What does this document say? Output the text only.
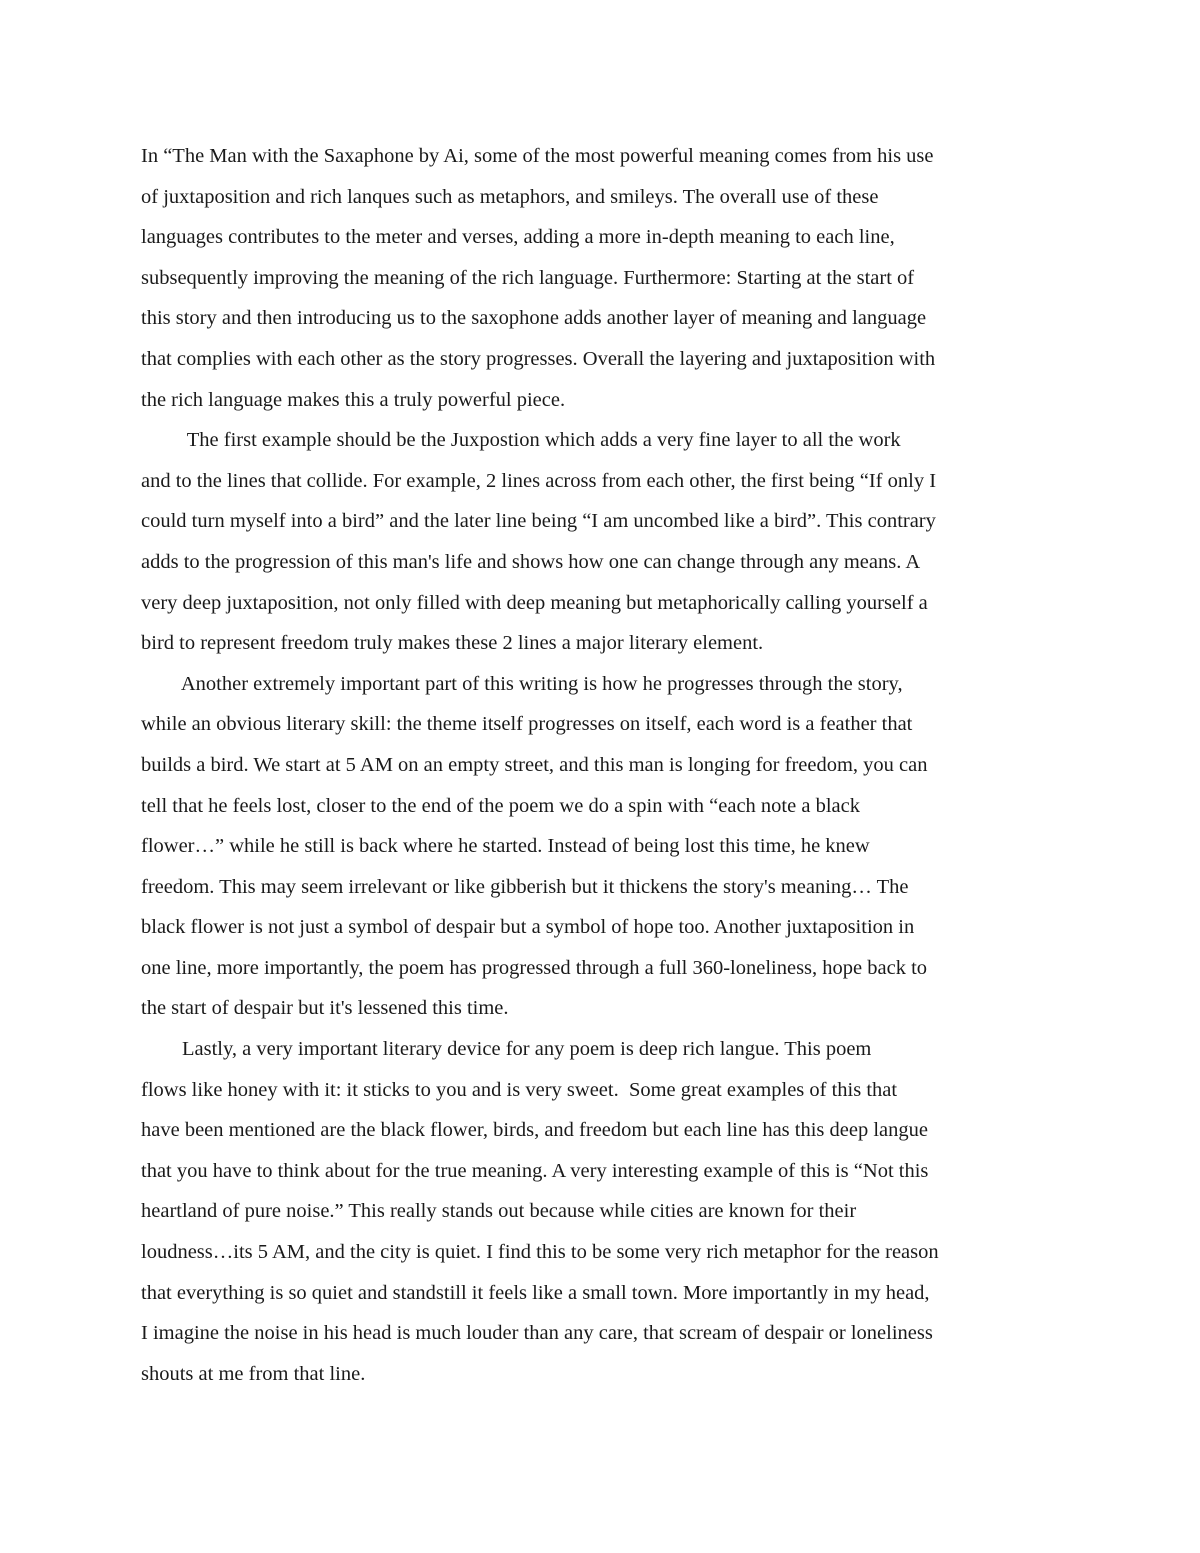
In “The Man with the Saxaphone by Ai, some of the most powerful meaning comes from his use
of juxtaposition and rich lanques such as metaphors, and smileys. The overall use of these
languages contributes to the meter and verses, adding a more in-depth meaning to each line,
subsequently improving the meaning of the rich language. Furthermore: Starting at the start of
this story and then introducing us to the saxophone adds another layer of meaning and language
that complies with each other as the story progresses. Overall the layering and juxtaposition with
the rich language makes this a truly powerful piece.
The first example should be the Juxpostion which adds a very fine layer to all the work
and to the lines that collide. For example, 2 lines across from each other, the first being “If only I
could turn myself into a bird” and the later line being “I am uncombed like a bird”. This contrary
adds to the progression of this man's life and shows how one can change through any means. A
very deep juxtaposition, not only filled with deep meaning but metaphorically calling yourself a
bird to represent freedom truly makes these 2 lines a major literary element.
Another extremely important part of this writing is how he progresses through the story,
while an obvious literary skill: the theme itself progresses on itself, each word is a feather that
builds a bird. We start at 5 AM on an empty street, and this man is longing for freedom, you can
tell that he feels lost, closer to the end of the poem we do a spin with “each note a black
flower…” while he still is back where he started. Instead of being lost this time, he knew
freedom. This may seem irrelevant or like gibberish but it thickens the story's meaning… The
black flower is not just a symbol of despair but a symbol of hope too. Another juxtaposition in
one line, more importantly, the poem has progressed through a full 360-loneliness, hope back to
the start of despair but it's lessened this time.
Lastly, a very important literary device for any poem is deep rich langue. This poem
flows like honey with it: it sticks to you and is very sweet.  Some great examples of this that
have been mentioned are the black flower, birds, and freedom but each line has this deep langue
that you have to think about for the true meaning. A very interesting example of this is “Not this
heartland of pure noise.” This really stands out because while cities are known for their
loudness…its 5 AM, and the city is quiet. I find this to be some very rich metaphor for the reason
that everything is so quiet and standstill it feels like a small town. More importantly in my head,
I imagine the noise in his head is much louder than any care, that scream of despair or loneliness
shouts at me from that line.
